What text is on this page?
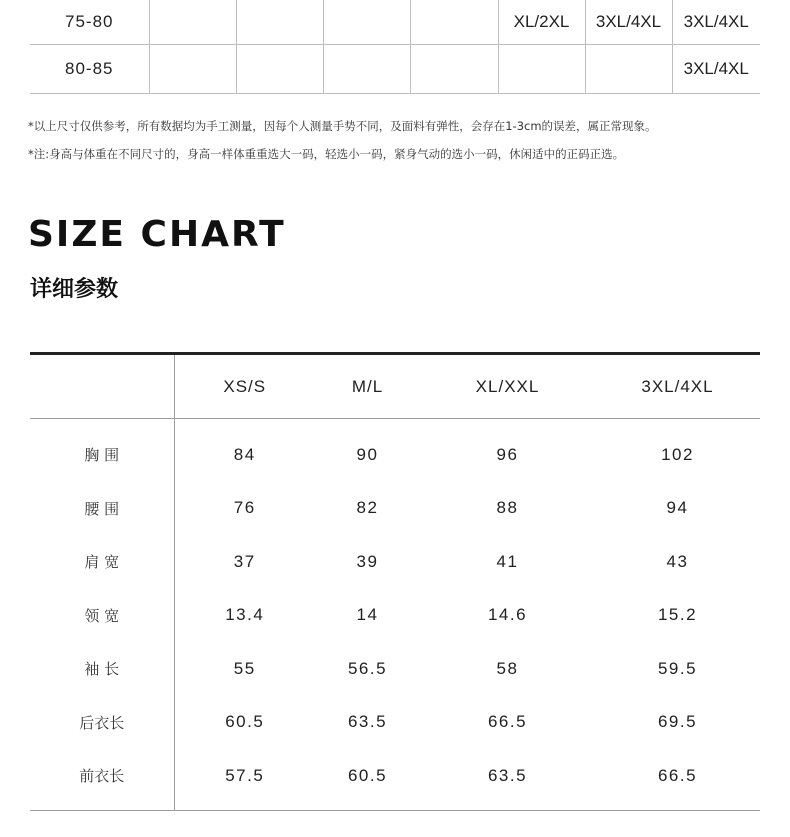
75-80					XL/2XL	3XL/4XL	3XL/4XL
80-85							3XL/4XL

*以上尺寸仅供参考，所有数据均为手工测量，因每个人测量手势不同，及面料有弹性，会存在1-3cm的误差，属正常现象。

*注:身高与体重在不同尺寸的，身高一样体重重选大一码，轻选小一码，紧身气动的选小一码，休闲适中的正码正选。

SIZE CHART
详细参数
	XS/S	M/L	XL/XXL	3XL/4XL
胸 围	84	90	96	102
腰 围	76	82	88	94
肩 宽	37	39	41	43
领 宽	13.4	14	14.6	15.2
袖 长	55	56.5	58	59.5
后衣长	60.5	63.5	66.5	69.5
前衣长	57.5	60.5	63.5	66.5
